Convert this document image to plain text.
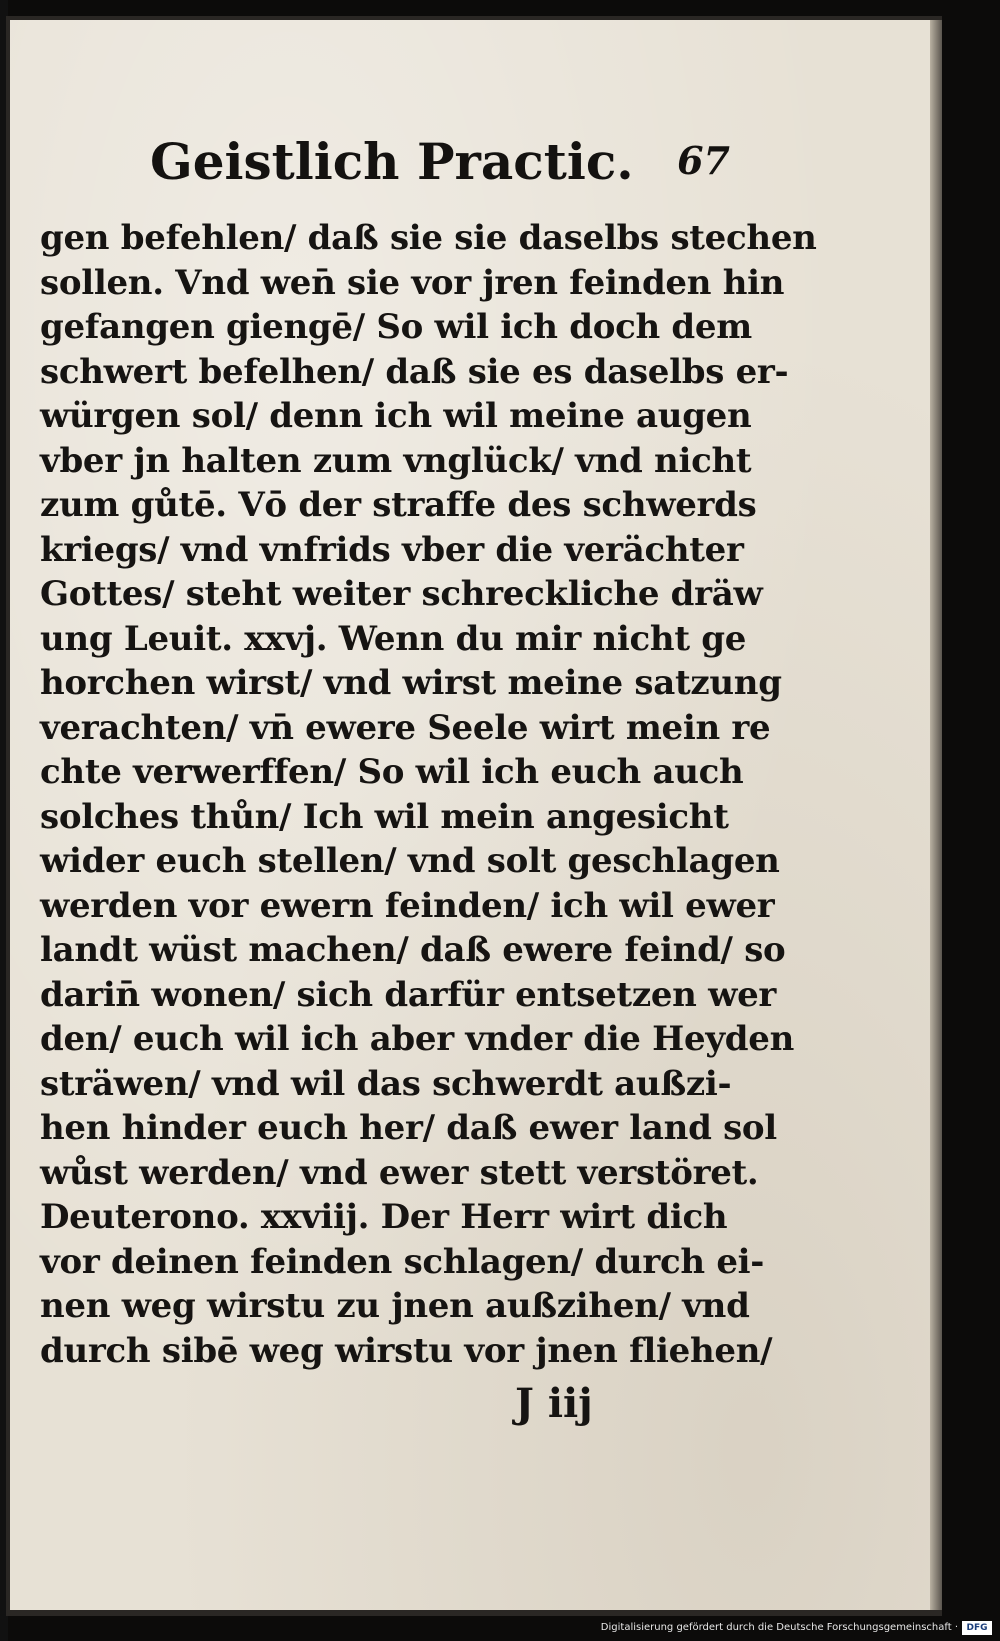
Geistlich Practic. 67
gen befehlen/ daß sie sie daselbs stechen
sollen. Vnd wen̄ sie vor jren feinden hin
gefangen giengē/ So wil ich doch dem
schwert befelhen/ daß sie es daselbs er-
würgen sol/ denn ich wil meine augen
vber jn halten zum vnglück/ vnd nicht
zum gůtē. Vō der straffe des schwerds
kriegs/ vnd vnfrids vber die verächter
Gottes/ steht weiter schreckliche dräw
ung Leuit. xxvj. Wenn du mir nicht ge
horchen wirst/ vnd wirst meine satzung
verachten/ vn̄ ewere Seele wirt mein re
chte verwerffen/ So wil ich euch auch
solches thůn/ Ich wil mein angesicht
wider euch stellen/ vnd solt geschlagen
werden vor ewern feinden/ ich wil ewer
landt wüst machen/ daß ewere feind/ so
darin̄ wonen/ sich darfür entsetzen wer
den/ euch wil ich aber vnder die Heyden
sträwen/ vnd wil das schwerdt außzi-
hen hinder euch her/ daß ewer land sol
wůst werden/ vnd ewer stett verstöret.
Deuterono. xxviij. Der Herr wirt dich
vor deinen feinden schlagen/ durch ei-
nen weg wirstu zu jnen außzihen/ vnd
durch sibē weg wirstu vor jnen fliehen/
J iij
Digitalisierung gefördert durch die Deutsche Forschungsgemeinschaft · DFG
